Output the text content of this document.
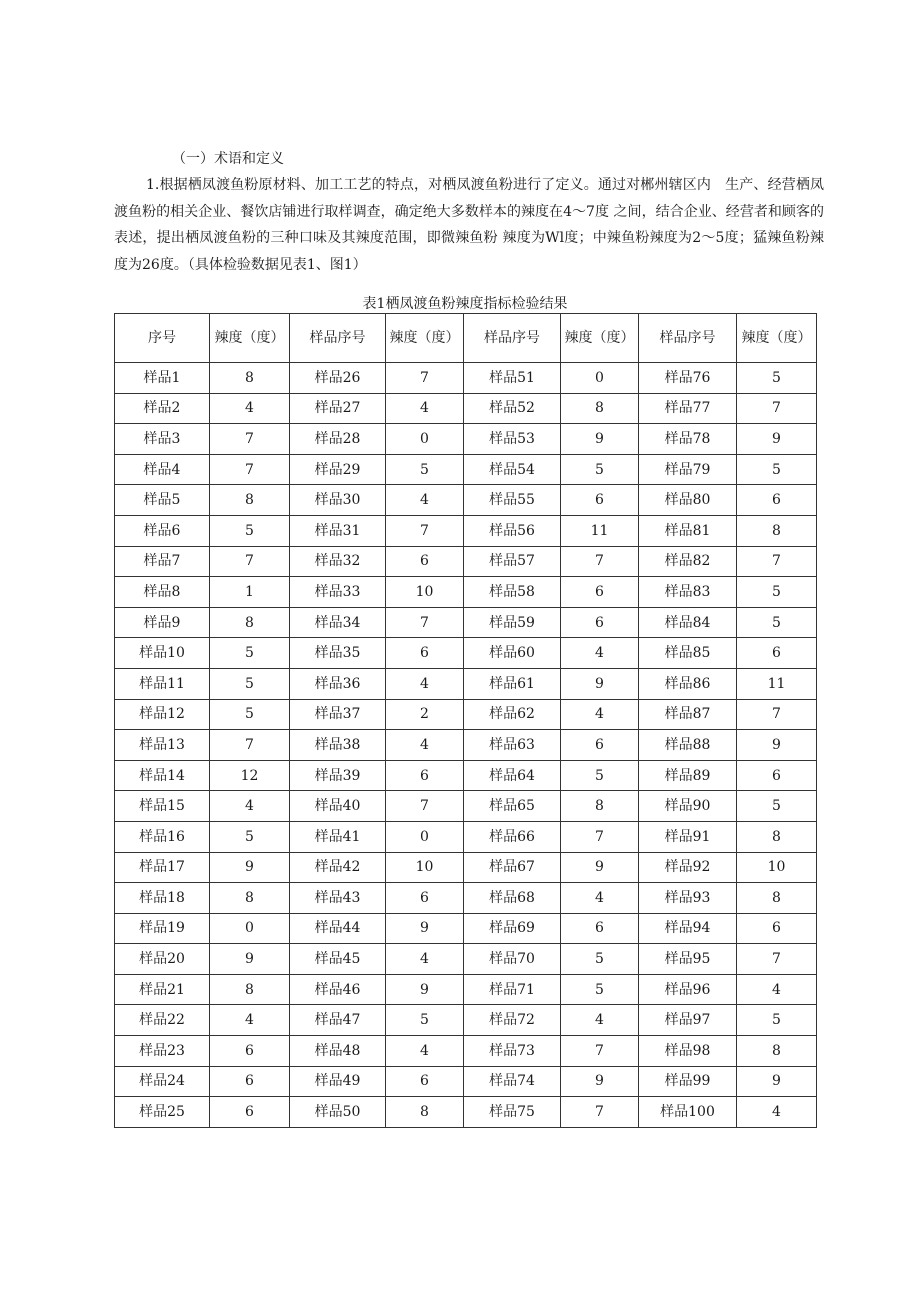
（一）术语和定义

1.根据栖凤渡鱼粉原材料、加工工艺的特点，对栖凤渡鱼粉进行了定义。通过对郴州辖区内　生产、经营栖凤渡鱼粉的相关企业、餐饮店铺进行取样调查，确定绝大多数样本的辣度在4～7度 之间，结合企业、经营者和顾客的表述，提出栖凤渡鱼粉的三种口味及其辣度范围，即微辣鱼粉 辣度为Wl度；中辣鱼粉辣度为2～5度；猛辣鱼粉辣度为26度。（具体检验数据见表1、图1）

表1栖凤渡鱼粉辣度指标检验结果

序号	辣度（度）	样品序号	辣度（度）	样品序号	辣度（度）	样品序号	辣度（度）
样品1	8	样品26	7	样品51	0	样品76	5
样品2	4	样品27	4	样品52	8	样品77	7
样品3	7	样品28	0	样品53	9	样品78	9
样品4	7	样品29	5	样品54	5	样品79	5
样品5	8	样品30	4	样品55	6	样品80	6
样品6	5	样品31	7	样品56	11	样品81	8
样品7	7	样品32	6	样品57	7	样品82	7
样品8	1	样品33	10	样品58	6	样品83	5
样品9	8	样品34	7	样品59	6	样品84	5
样品10	5	样品35	6	样品60	4	样品85	6
样品11	5	样品36	4	样品61	9	样品86	11
样品12	5	样品37	2	样品62	4	样品87	7
样品13	7	样品38	4	样品63	6	样品88	9
样品14	12	样品39	6	样品64	5	样品89	6
样品15	4	样品40	7	样品65	8	样品90	5
样品16	5	样品41	0	样品66	7	样品91	8
样品17	9	样品42	10	样品67	9	样品92	10
样品18	8	样品43	6	样品68	4	样品93	8
样品19	0	样品44	9	样品69	6	样品94	6
样品20	9	样品45	4	样品70	5	样品95	7
样品21	8	样品46	9	样品71	5	样品96	4
样品22	4	样品47	5	样品72	4	样品97	5
样品23	6	样品48	4	样品73	7	样品98	8
样品24	6	样品49	6	样品74	9	样品99	9
样品25	6	样品50	8	样品75	7	样品100	4
